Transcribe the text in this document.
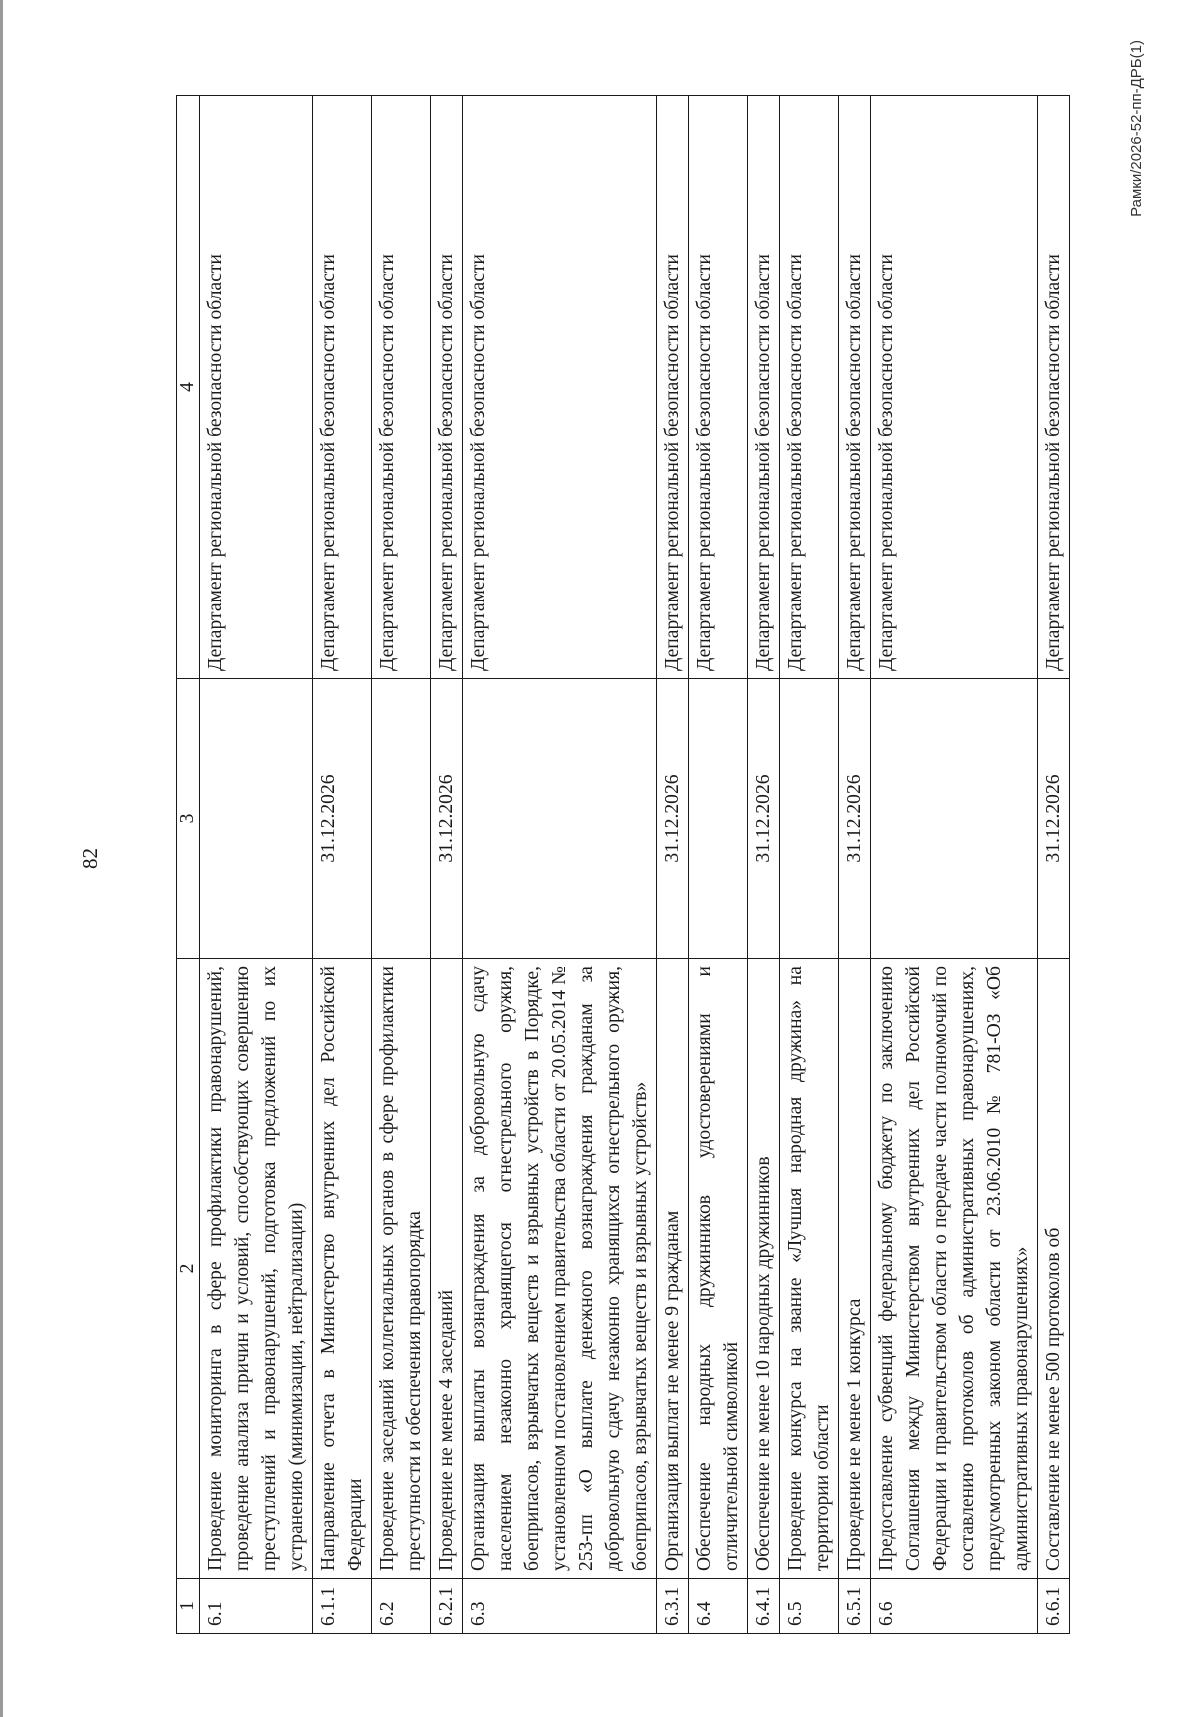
82
1	2	3	4
6.1	Проведение мониторинга в сфере профилактики правонарушений, проведение анализа причин и условий, способствующих совершению преступлений и правонарушений, подготовка предложений по их устранению (минимизации, нейтрализации)		Департамент региональной безопасности области
6.1.1	Направление отчета в Министерство внутренних дел Российской Федерации	31.12.2026	Департамент региональной безопасности области
6.2	Проведение заседаний коллегиальных органов в сфере профилактики преступности и обеспечения правопорядка		Департамент региональной безопасности области
6.2.1	Проведение не менее 4 заседаний	31.12.2026	Департамент региональной безопасности области
6.3	Организация выплаты вознаграждения за добровольную сдачу населением незаконно хранящегося огнестрельного оружия, боеприпасов, взрывчатых веществ и взрывных устройств в Порядке, установленном постановлением правительства области от 20.05.2014 № 253-пп «О выплате денежного вознаграждения гражданам за добровольную сдачу незаконно хранящихся огнестрельного оружия, боеприпасов, взрывчатых веществ и взрывных устройств»		Департамент региональной безопасности области
6.3.1	Организация выплат не менее 9 гражданам	31.12.2026	Департамент региональной безопасности области
6.4	Обеспечение народных дружинников удостоверениями и отличительной символикой		Департамент региональной безопасности области
6.4.1	Обеспечение не менее 10 народных дружинников	31.12.2026	Департамент региональной безопасности области
6.5	Проведение конкурса на звание «Лучшая народная дружина» на территории области		Департамент региональной безопасности области
6.5.1	Проведение не менее 1 конкурса	31.12.2026	Департамент региональной безопасности области
6.6	Предоставление субвенций федеральному бюджету по заключению Соглашения между Министерством внутренних дел Российской Федерации и правительством области о передаче части полномочий по составлению протоколов об административных правонарушениях, предусмотренных законом области от 23.06.2010 № 781-ОЗ «Об административных правонарушениях»		Департамент региональной безопасности области
6.6.1	Составление не менее 500 протоколов об	31.12.2026	Департамент региональной безопасности области
Рамки/2026-52-пп-ДРБ(1)
